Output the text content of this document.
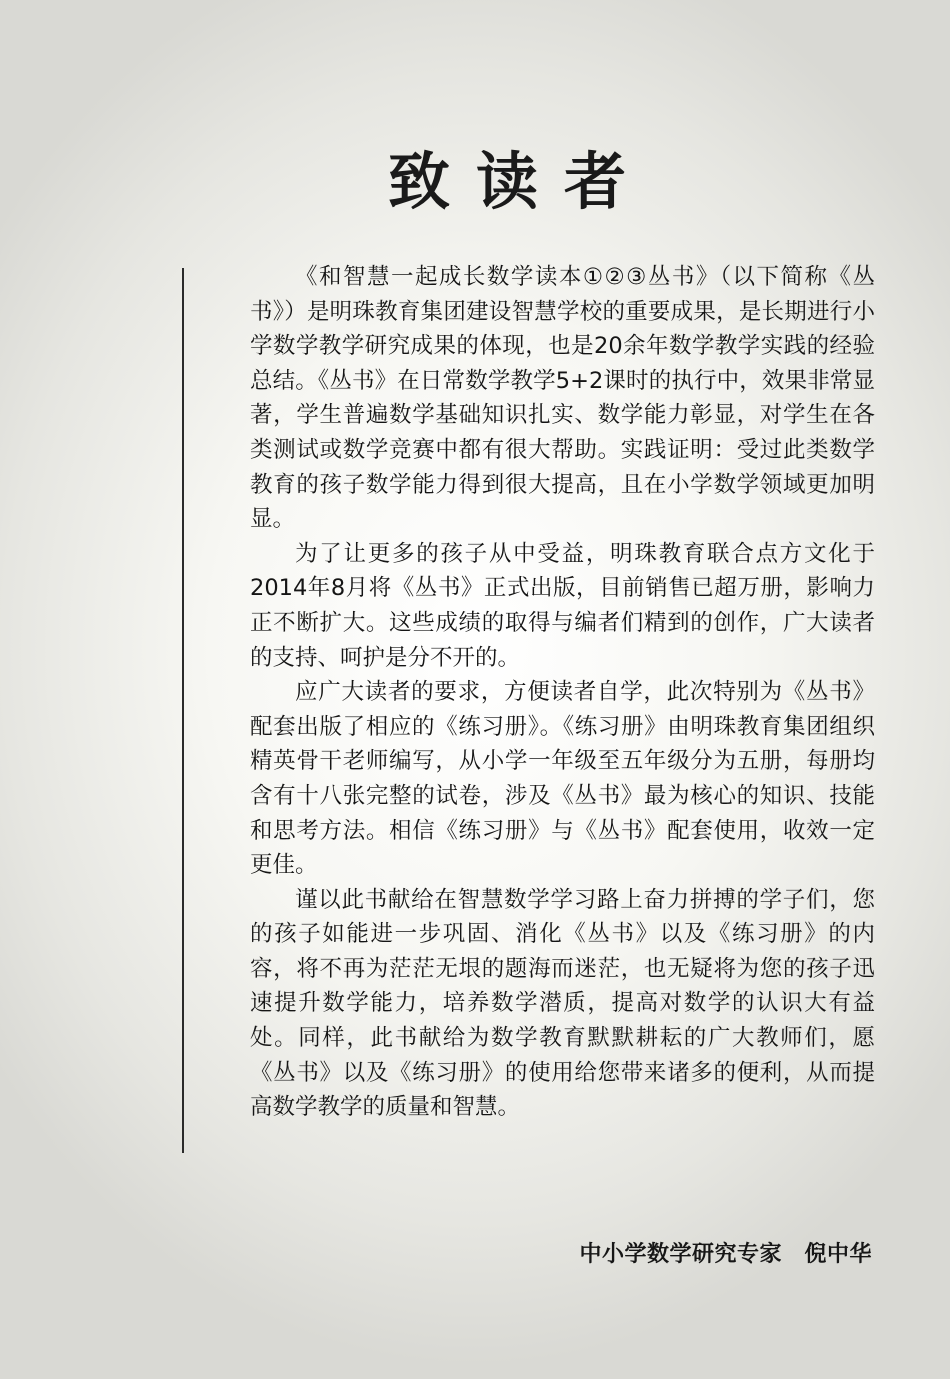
致读者

《和智慧一起成长数学读本①②③丛书》（以下简称《丛书》）是明珠教育集团建设智慧学校的重要成果，是长期进行小学数学教学研究成果的体现，也是20余年数学教学实践的经验总结。《丛书》在日常数学教学5+2课时的执行中，效果非常显著，学生普遍数学基础知识扎实、数学能力彰显，对学生在各类测试或数学竞赛中都有很大帮助。实践证明：受过此类数学教育的孩子数学能力得到很大提高，且在小学数学领域更加明显。

为了让更多的孩子从中受益，明珠教育联合点方文化于2014年8月将《丛书》正式出版，目前销售已超万册，影响力正不断扩大。这些成绩的取得与编者们精到的创作，广大读者的支持、呵护是分不开的。

应广大读者的要求，方便读者自学，此次特别为《丛书》配套出版了相应的《练习册》。《练习册》由明珠教育集团组织精英骨干老师编写，从小学一年级至五年级分为五册，每册均含有十八张完整的试卷，涉及《丛书》最为核心的知识、技能和思考方法。相信《练习册》与《丛书》配套使用，收效一定更佳。

谨以此书献给在智慧数学学习路上奋力拼搏的学子们，您的孩子如能进一步巩固、消化《丛书》以及《练习册》的内容，将不再为茫茫无垠的题海而迷茫，也无疑将为您的孩子迅速提升数学能力，培养数学潜质，提高对数学的认识大有益处。同样，此书献给为数学教育默默耕耘的广大教师们，愿《丛书》以及《练习册》的使用给您带来诸多的便利，从而提高数学教学的质量和智慧。

中小学数学研究专家　倪中华
